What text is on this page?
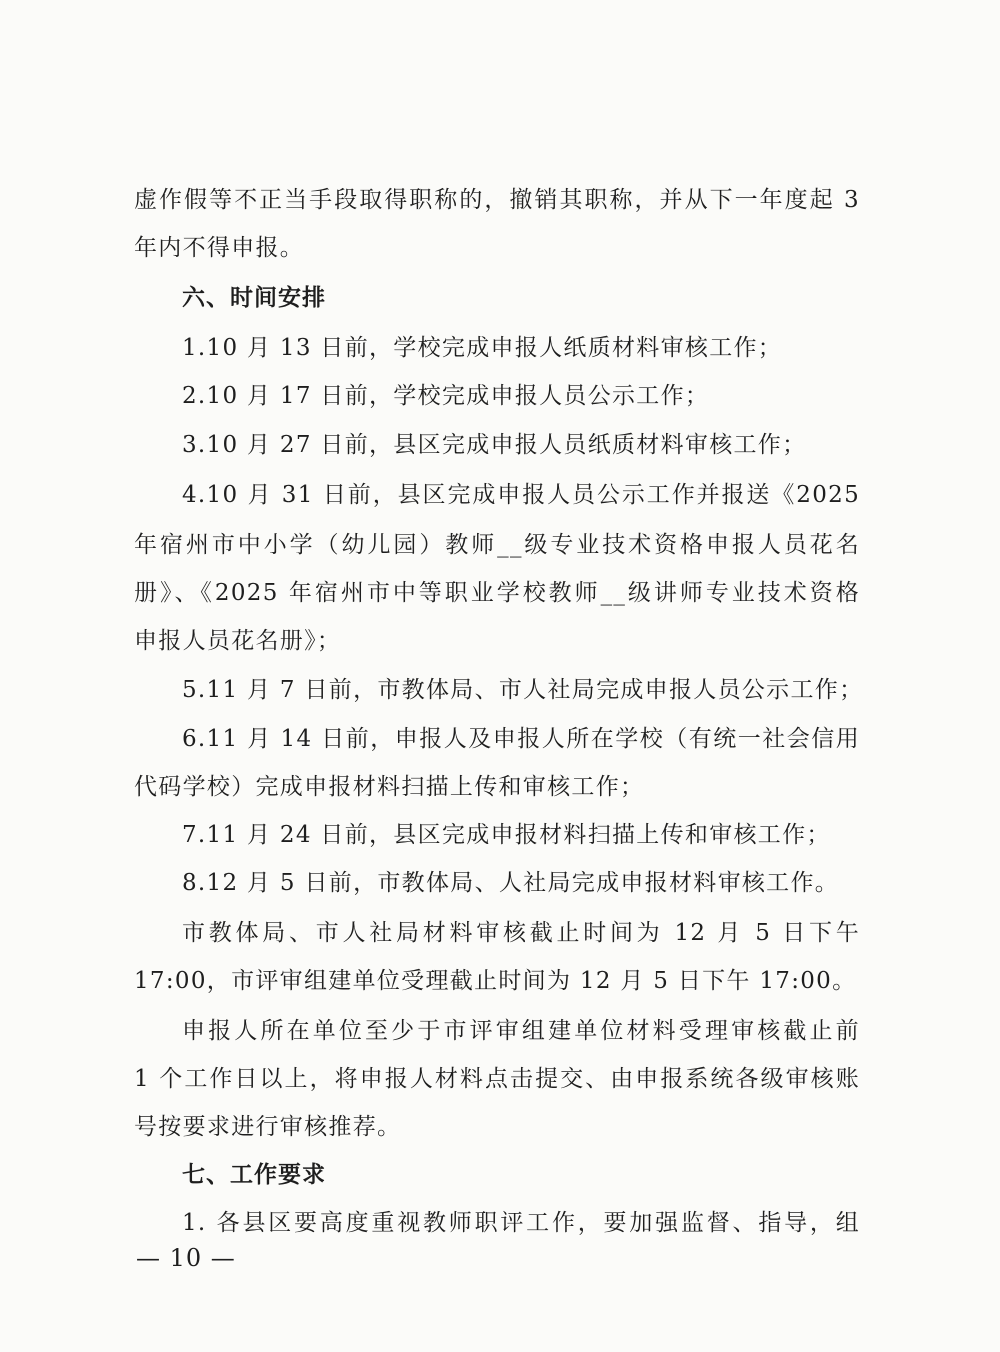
虚作假等不正当手段取得职称的，撤销其职称，并从下一年度起 3
年内不得申报。
六、时间安排
1.10 月 13 日前，学校完成申报人纸质材料审核工作；
2.10 月 17 日前，学校完成申报人员公示工作；
3.10 月 27 日前，县区完成申报人员纸质材料审核工作；
4.10 月 31 日前，县区完成申报人员公示工作并报送《2025
年宿州市中小学（幼儿园）教师__级专业技术资格申报人员花名
册》、《2025 年宿州市中等职业学校教师__级讲师专业技术资格
申报人员花名册》；
5.11 月 7 日前，市教体局、市人社局完成申报人员公示工作；
6.11 月 14 日前，申报人及申报人所在学校（有统一社会信用
代码学校）完成申报材料扫描上传和审核工作；
7.11 月 24 日前，县区完成申报材料扫描上传和审核工作；
8.12 月 5 日前，市教体局、人社局完成申报材料审核工作。
市教体局、市人社局材料审核截止时间为 12 月 5 日下午
17:00，市评审组建单位受理截止时间为 12 月 5 日下午 17:00。
申报人所在单位至少于市评审组建单位材料受理审核截止前
1 个工作日以上，将申报人材料点击提交、由申报系统各级审核账
号按要求进行审核推荐。
七、工作要求
1. 各县区要高度重视教师职评工作，要加强监督、指导，组
— 10 —
